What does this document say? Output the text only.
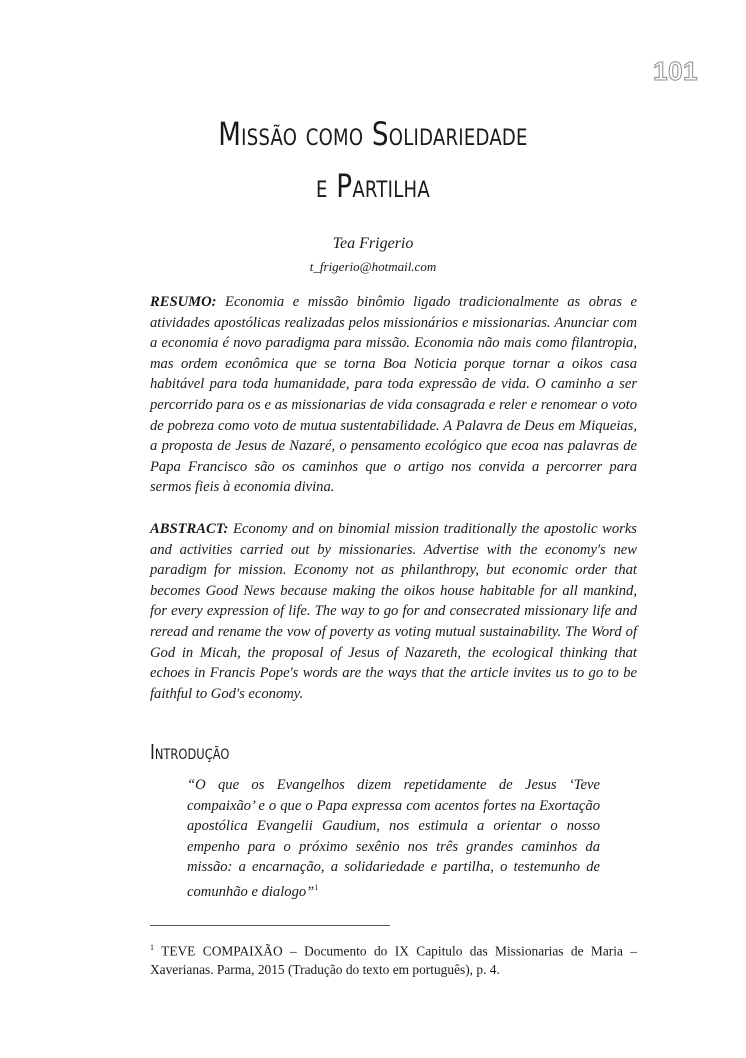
101
Missão como Solidariedade
e Partilha
Tea Frigerio
t_frigerio@hotmail.com

RESUMO: Economia e missão binômio ligado tradicionalmente as obras e atividades apostólicas realizadas pelos missionários e missionarias. Anunciar com a economia é novo paradigma para missão. Economia não mais como filantropia, mas ordem econômica que se torna Boa Noticia porque tornar a oikos casa habitável para toda humanidade, para toda expressão de vida. O caminho a ser percorrido para os e as missionarias de vida consagrada e reler e renomear o voto de pobreza como voto de mutua sustentabilidade. A Palavra de Deus em Miqueias, a proposta de Jesus de Nazaré, o pensamento ecológico que ecoa nas palavras de Papa Francisco são os caminhos que o artigo nos convida a percorrer para sermos fieis à economia divina.

ABSTRACT: Economy and on binomial mission traditionally the apostolic works and activities carried out by missionaries. Advertise with the economy's new paradigm for mission. Economy not as philanthropy, but economic order that becomes Good News because making the oikos house habitable for all mankind, for every expression of life. The way to go for and consecrated missionary life and reread and rename the vow of poverty as voting mutual sustainability. The Word of God in Micah, the proposal of Jesus of Nazareth, the ecological thinking that echoes in Francis Pope's words are the ways that the article invites us to go to be faithful to God's economy.

Introdução

“O que os Evangelhos dizem repetidamente de Jesus ‘Teve compaixão’ e o que o Papa expressa com acentos fortes na Exortação apostólica Evangelii Gaudium, nos estimula a orientar o nosso empenho para o próximo sexênio nos três grandes caminhos da missão: a encarnação, a solidariedade e partilha, o testemunho de comunhão e dialogo”$^1$

$^1$ TEVE COMPAIXÃO – Documento do IX Capitulo das Missionarias de Maria – Xaverianas. Parma, 2015 (Tradução do texto em português), p. 4.
